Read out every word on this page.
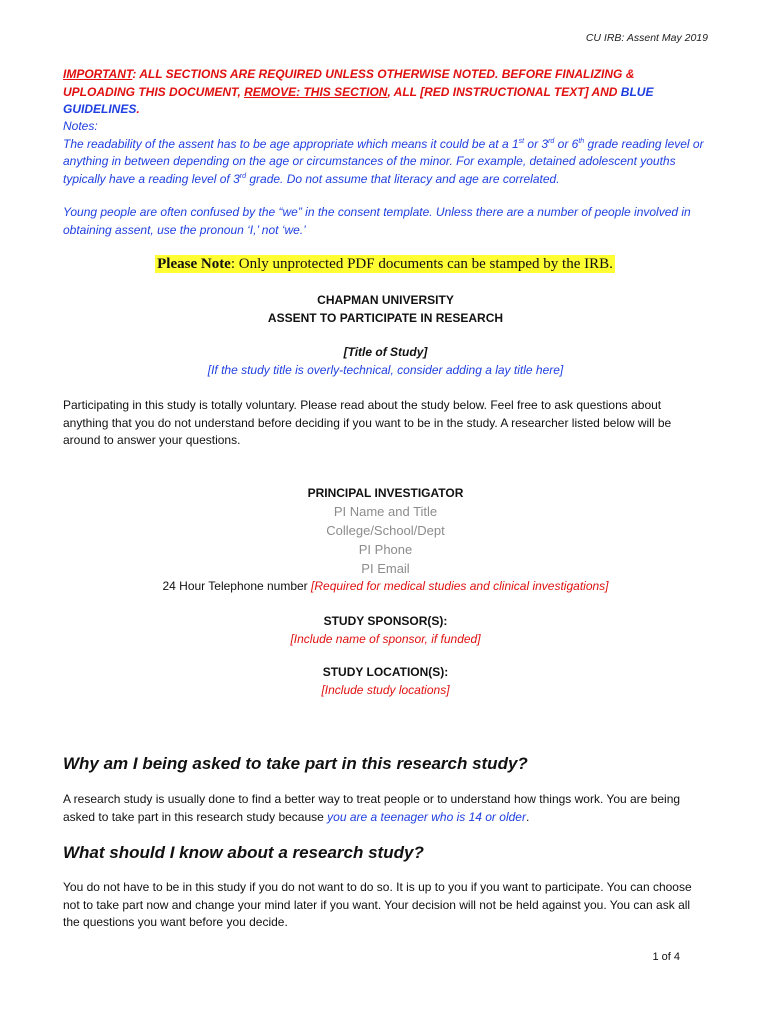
CU IRB: Assent May 2019
IMPORTANT: ALL SECTIONS ARE REQUIRED UNLESS OTHERWISE NOTED. BEFORE FINALIZING & UPLOADING THIS DOCUMENT, REMOVE: THIS SECTION, ALL [RED INSTRUCTIONAL TEXT] AND BLUE GUIDELINES.
Notes:
The readability of the assent has to be age appropriate which means it could be at a 1st or 3rd or 6th grade reading level or anything in between depending on the age or circumstances of the minor. For example, detained adolescent youths typically have a reading level of 3rd grade. Do not assume that literacy and age are correlated.
Young people are often confused by the “we” in the consent template. Unless there are a number of people involved in obtaining assent, use the pronoun ‘I,’ not ‘we.’
Please Note: Only unprotected PDF documents can be stamped by the IRB.
CHAPMAN UNIVERSITY
ASSENT TO PARTICIPATE IN RESEARCH
[Title of Study]
[If the study title is overly-technical, consider adding a lay title here]
Participating in this study is totally voluntary. Please read about the study below. Feel free to ask questions about anything that you do not understand before deciding if you want to be in the study. A researcher listed below will be around to answer your questions.
PRINCIPAL INVESTIGATOR
PI Name and Title
College/School/Dept
PI Phone
PI Email
24 Hour Telephone number [Required for medical studies and clinical investigations]
STUDY SPONSOR(S):
[Include name of sponsor, if funded]
STUDY LOCATION(S):
[Include study locations]
Why am I being asked to take part in this research study?
A research study is usually done to find a better way to treat people or to understand how things work. You are being asked to take part in this research study because you are a teenager who is 14 or older.
What should I know about a research study?
You do not have to be in this study if you do not want to do so. It is up to you if you want to participate. You can choose not to take part now and change your mind later if you want. Your decision will not be held against you. You can ask all the questions you want before you decide.
1 of 4
